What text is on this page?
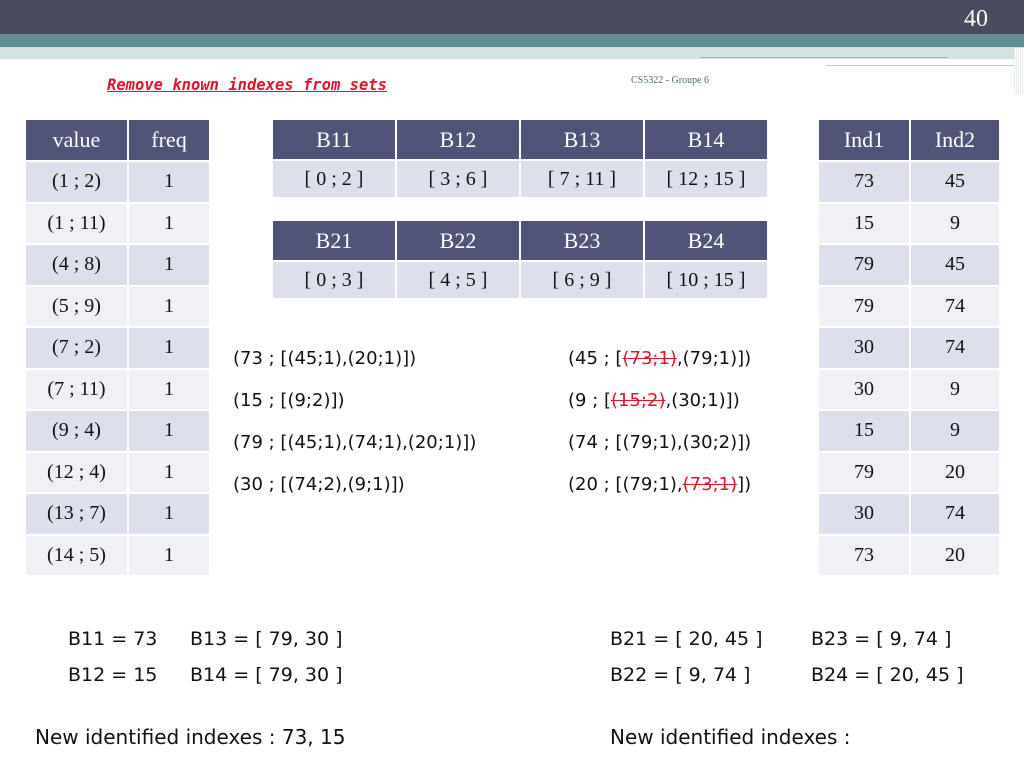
40
CS5322 - Groupe 6
Remove known indexes from sets
value	freq
(1 ; 2)	1
(1 ; 11)	1
(4 ; 8)	1
(5 ; 9)	1
(7 ; 2)	1
(7 ; 11)	1
(9 ; 4)	1
(12 ; 4)	1
(13 ; 7)	1
(14 ; 5)	1
B11	B12	B13	B14
[ 0 ; 2 ]	[ 3 ; 6 ]	[ 7 ; 11 ]	[ 12 ; 15 ]
B21	B22	B23	B24
[ 0 ; 3 ]	[ 4 ; 5 ]	[ 6 ; 9 ]	[ 10 ; 15 ]
Ind1	Ind2
73	45
15	9
79	45
79	74
30	74
30	9
15	9
79	20
30	74
73	20
(73 ; [(45;1),(20;1)])
(15 ; [(9;2)])
(79 ; [(45;1),(74;1),(20;1)])
(30 ; [(74;2),(9;1)])
(45 ; [(73;1),(79;1)])
(9 ; [(15;2),(30;1)])
(74 ; [(79;1),(30;2)])
(20 ; [(79;1),(73;1)])
B11 = 73 B13 = [ 79, 30 ]
B12 = 15 B14 = [ 79, 30 ]
B21 = [ 20, 45 ]	B23 = [ 9, 74 ]
B22 = [ 9, 74 ]	B24 = [ 20, 45 ]
New identified indexes : 73, 15	New identified indexes :
